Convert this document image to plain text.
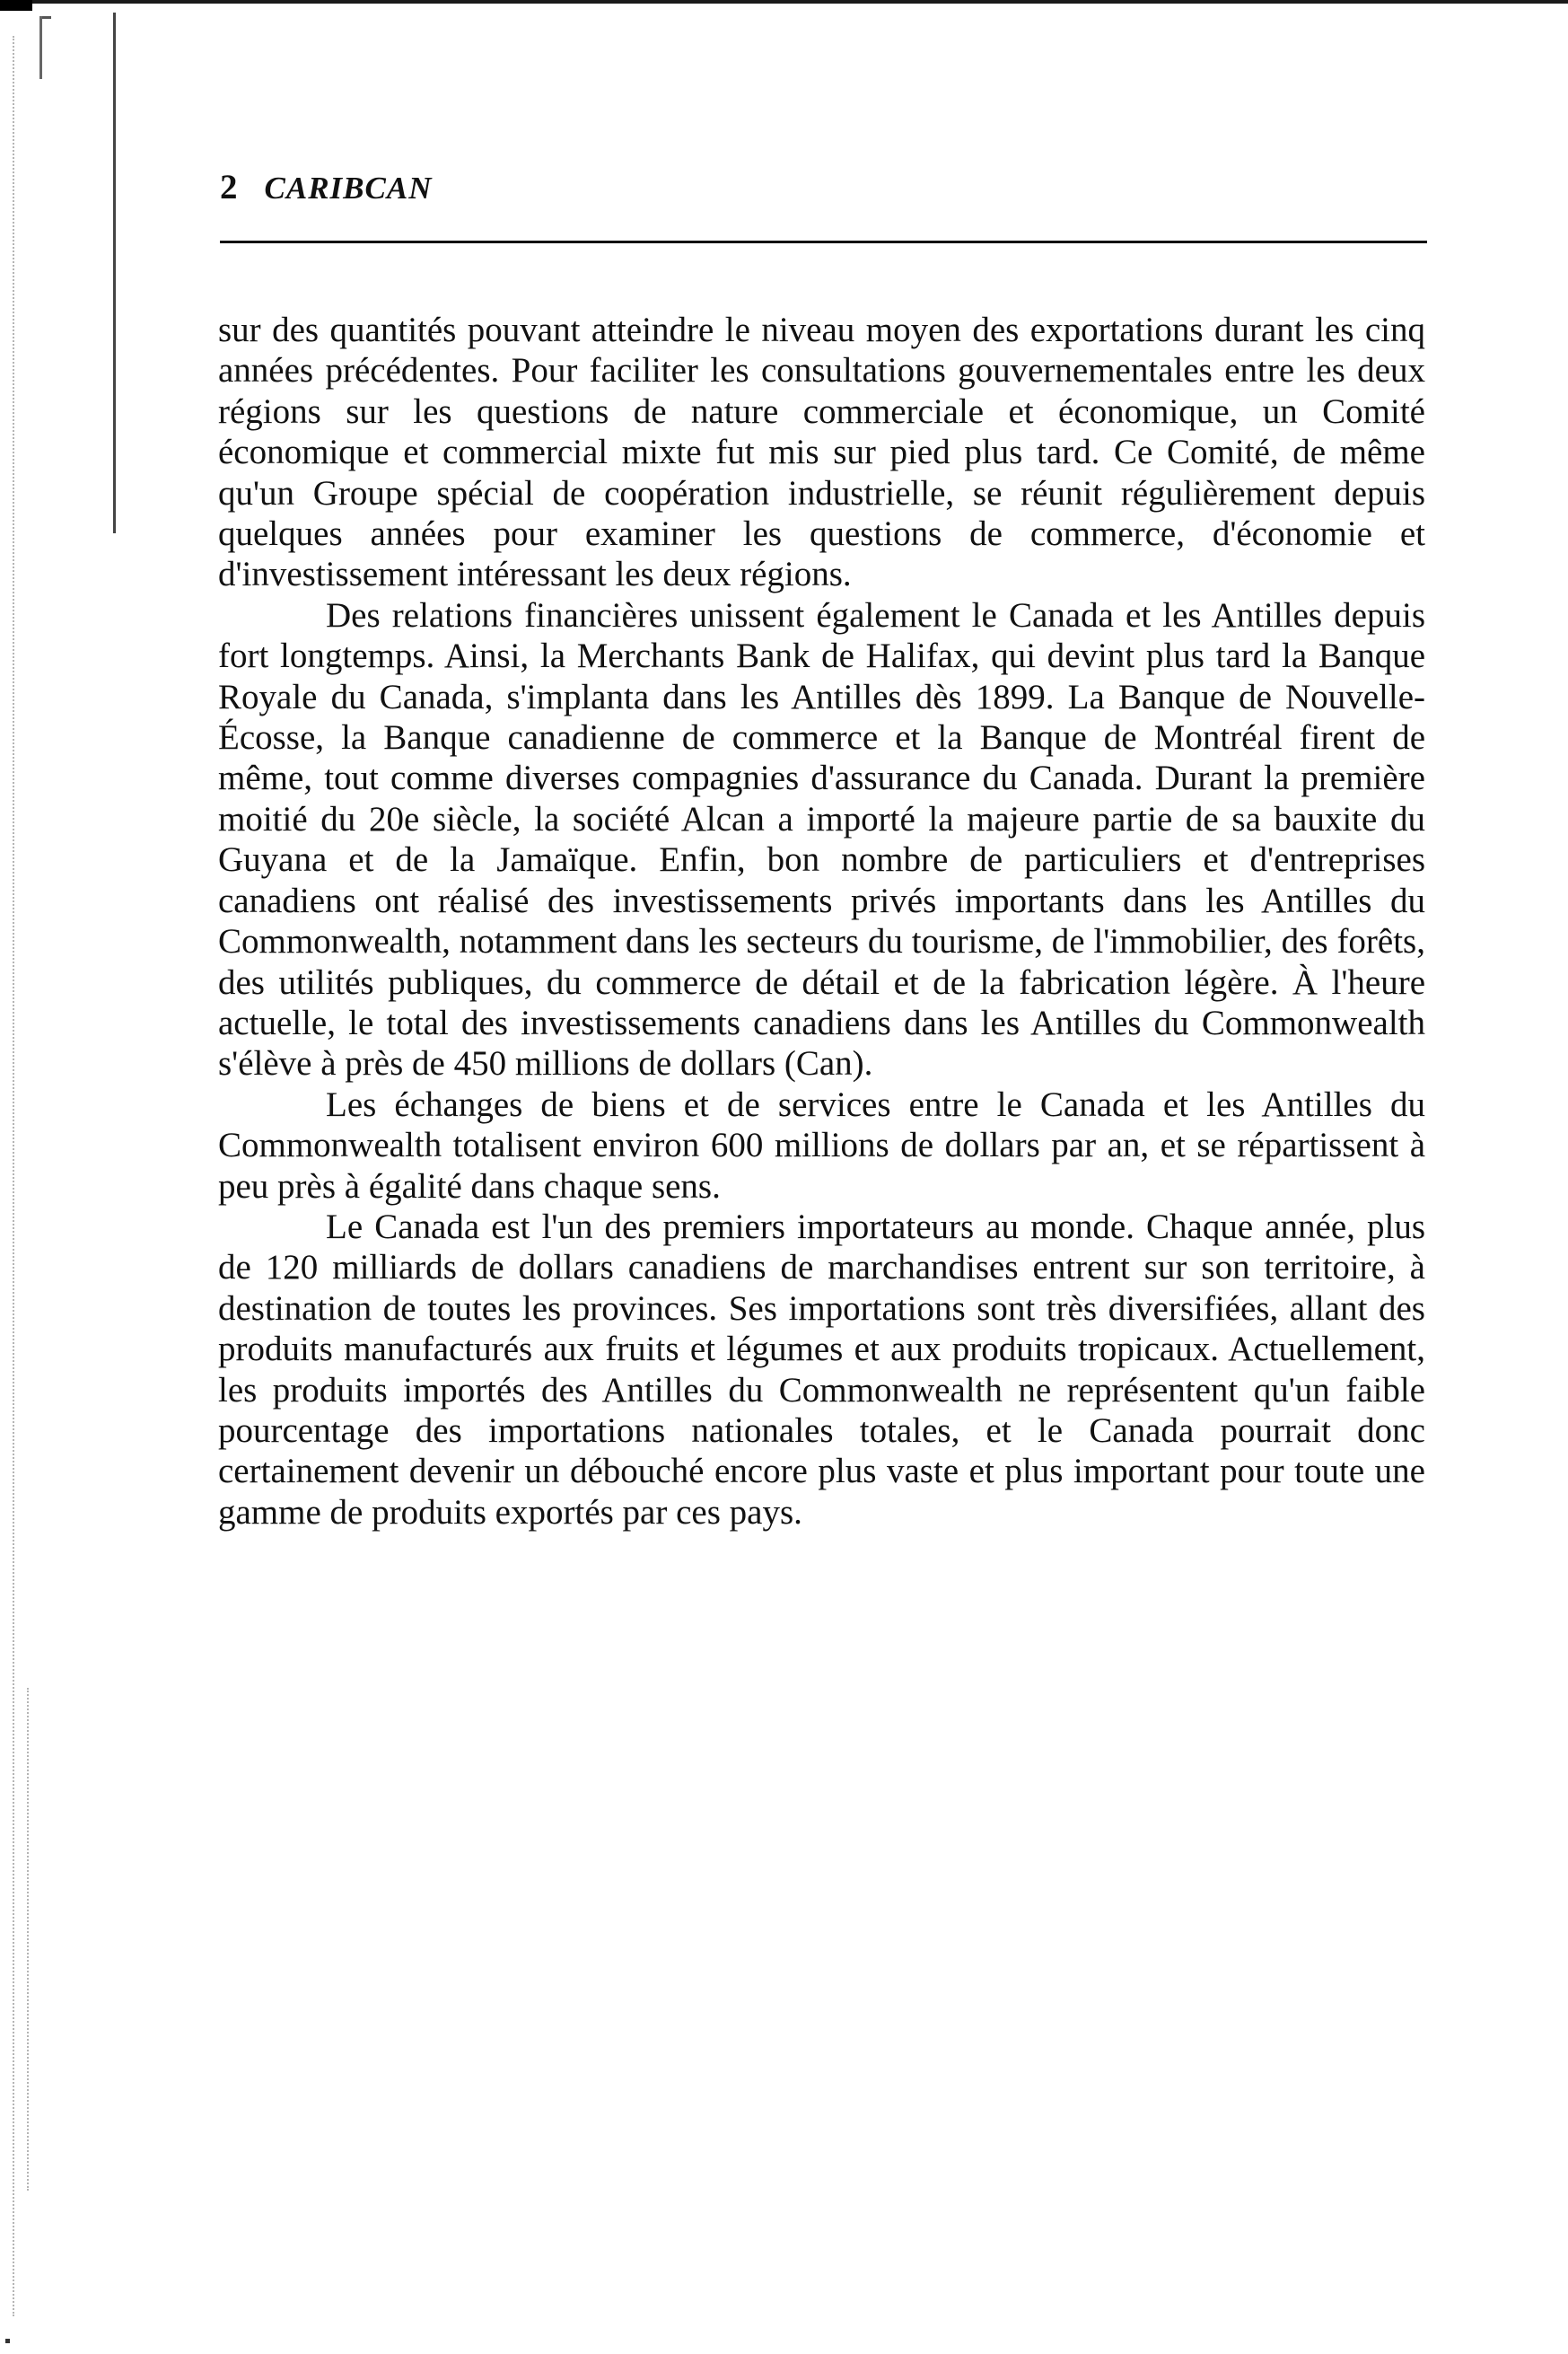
2 CARIBCAN

sur des quantités pouvant atteindre le niveau moyen des exportations durant les cinq années précédentes. Pour faciliter les consultations gouvernementales entre les deux régions sur les questions de nature commerciale et économique, un Comité économique et commercial mixte fut mis sur pied plus tard. Ce Comité, de même qu'un Groupe spécial de coopération industrielle, se réunit régulièrement depuis quelques années pour examiner les questions de commerce, d'économie et d'investissement intéressant les deux régions.

Des relations financières unissent également le Canada et les Antilles depuis fort longtemps. Ainsi, la Merchants Bank de Halifax, qui devint plus tard la Banque Royale du Canada, s'implanta dans les Antilles dès 1899. La Banque de Nouvelle-Écosse, la Banque canadienne de commerce et la Banque de Montréal firent de même, tout comme diverses compagnies d'assurance du Canada. Durant la première moitié du 20e siècle, la société Alcan a importé la majeure partie de sa bauxite du Guyana et de la Jamaïque. Enfin, bon nombre de particuliers et d'entreprises canadiens ont réalisé des investissements privés importants dans les Antilles du Commonwealth, notamment dans les secteurs du tourisme, de l'immobilier, des forêts, des utilités publiques, du commerce de détail et de la fabrication légère. À l'heure actuelle, le total des investissements canadiens dans les Antilles du Commonwealth s'élève à près de 450 millions de dollars (Can).

Les échanges de biens et de services entre le Canada et les Antilles du Commonwealth totalisent environ 600 millions de dollars par an, et se répartissent à peu près à égalité dans chaque sens.

Le Canada est l'un des premiers importateurs au monde. Chaque année, plus de 120 milliards de dollars canadiens de marchandises entrent sur son territoire, à destination de toutes les provinces. Ses importations sont très diversifiées, allant des produits manufacturés aux fruits et légumes et aux produits tropicaux. Actuellement, les produits importés des Antilles du Commonwealth ne représentent qu'un faible pourcentage des importations nationales totales, et le Canada pourrait donc certainement devenir un débouché encore plus vaste et plus important pour toute une gamme de produits exportés par ces pays.
